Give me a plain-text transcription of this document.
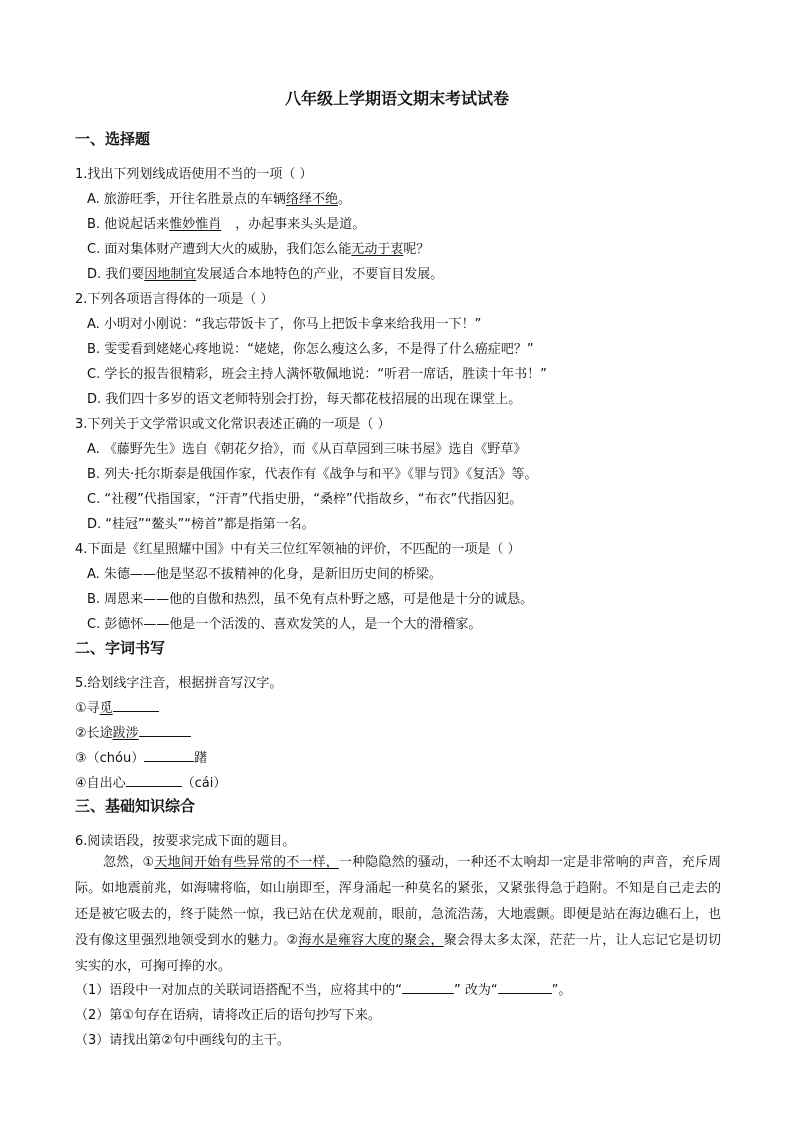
八年级上学期语文期末考试试卷
一、选择题
1.找出下列划线成语使用不当的一项（ ）
A. 旅游旺季，开往名胜景点的车辆络绎不绝。
B. 他说起话来惟妙惟肖 ，办起事来头头是道。
C. 面对集体财产遭到大火的威胁，我们怎么能无动于衷呢？
D. 我们要因地制宜发展适合本地特色的产业，不要盲目发展。
2.下列各项语言得体的一项是（ ）
A. 小明对小刚说：“我忘带饭卡了，你马上把饭卡拿来给我用一下！”
B. 雯雯看到姥姥心疼地说：“姥姥，你怎么瘦这么多，不是得了什么癌症吧？”
C. 学长的报告很精彩，班会主持人满怀敬佩地说：“听君一席话，胜读十年书！”
D. 我们四十多岁的语文老师特别会打扮，每天都花枝招展的出现在课堂上。
3.下列关于文学常识或文化常识表述正确的一项是（ ）
A. 《藤野先生》选自《朝花夕拾》，而《从百草园到三味书屋》选自《野草》
B. 列夫·托尔斯泰是俄国作家，代表作有《战争与和平》《罪与罚》《复活》等。
C. “社稷”代指国家，“汗青”代指史册，“桑梓”代指故乡，“布衣”代指囚犯。
D. “桂冠”“鳌头”“榜首”都是指第一名。
4.下面是《红星照耀中国》中有关三位红军领袖的评价，不匹配的一项是（ ）
A. 朱德——他是坚忍不拔精神的化身，是新旧历史间的桥梁。
B. 周恩来——他的自傲和热烈，虽不免有点朴野之感，可是他是十分的诚恳。
C. 彭德怀——他是一个活泼的、喜欢发笑的人，是一个大的滑稽家。
二、字词书写
5.给划线字注音，根据拼音写汉字。
①寻觅
②长途跋涉
③（chóu）	躇
④自出心	（cái）
三、基础知识综合
6.阅读语段，按要求完成下面的题目。
忽然，①天地间开始有些异常的不一样，一种隐隐然的骚动，一种还不太响却一定是非常响的声音，充斥周际。如地震前兆，如海啸将临，如山崩即至，浑身涌起一种莫名的紧张，又紧张得急于趋附。不知是自己走去的还是被它吸去的，终于陡然一惊，我已站在伏龙观前，眼前，急流浩荡，大地震颤。即便是站在海边礁石上，也没有像这里强烈地领受到水的魅力。②海水是雍容大度的聚会，聚会得太多太深，茫茫一片，让人忘记它是切切实实的水，可掬可捧的水。
（1）语段中一对加点的关联词语搭配不当，应将其中的“	” 改为“	”。
（2）第①句存在语病，请将改正后的语句抄写下来。
（3）请找出第②句中画线句的主干。
